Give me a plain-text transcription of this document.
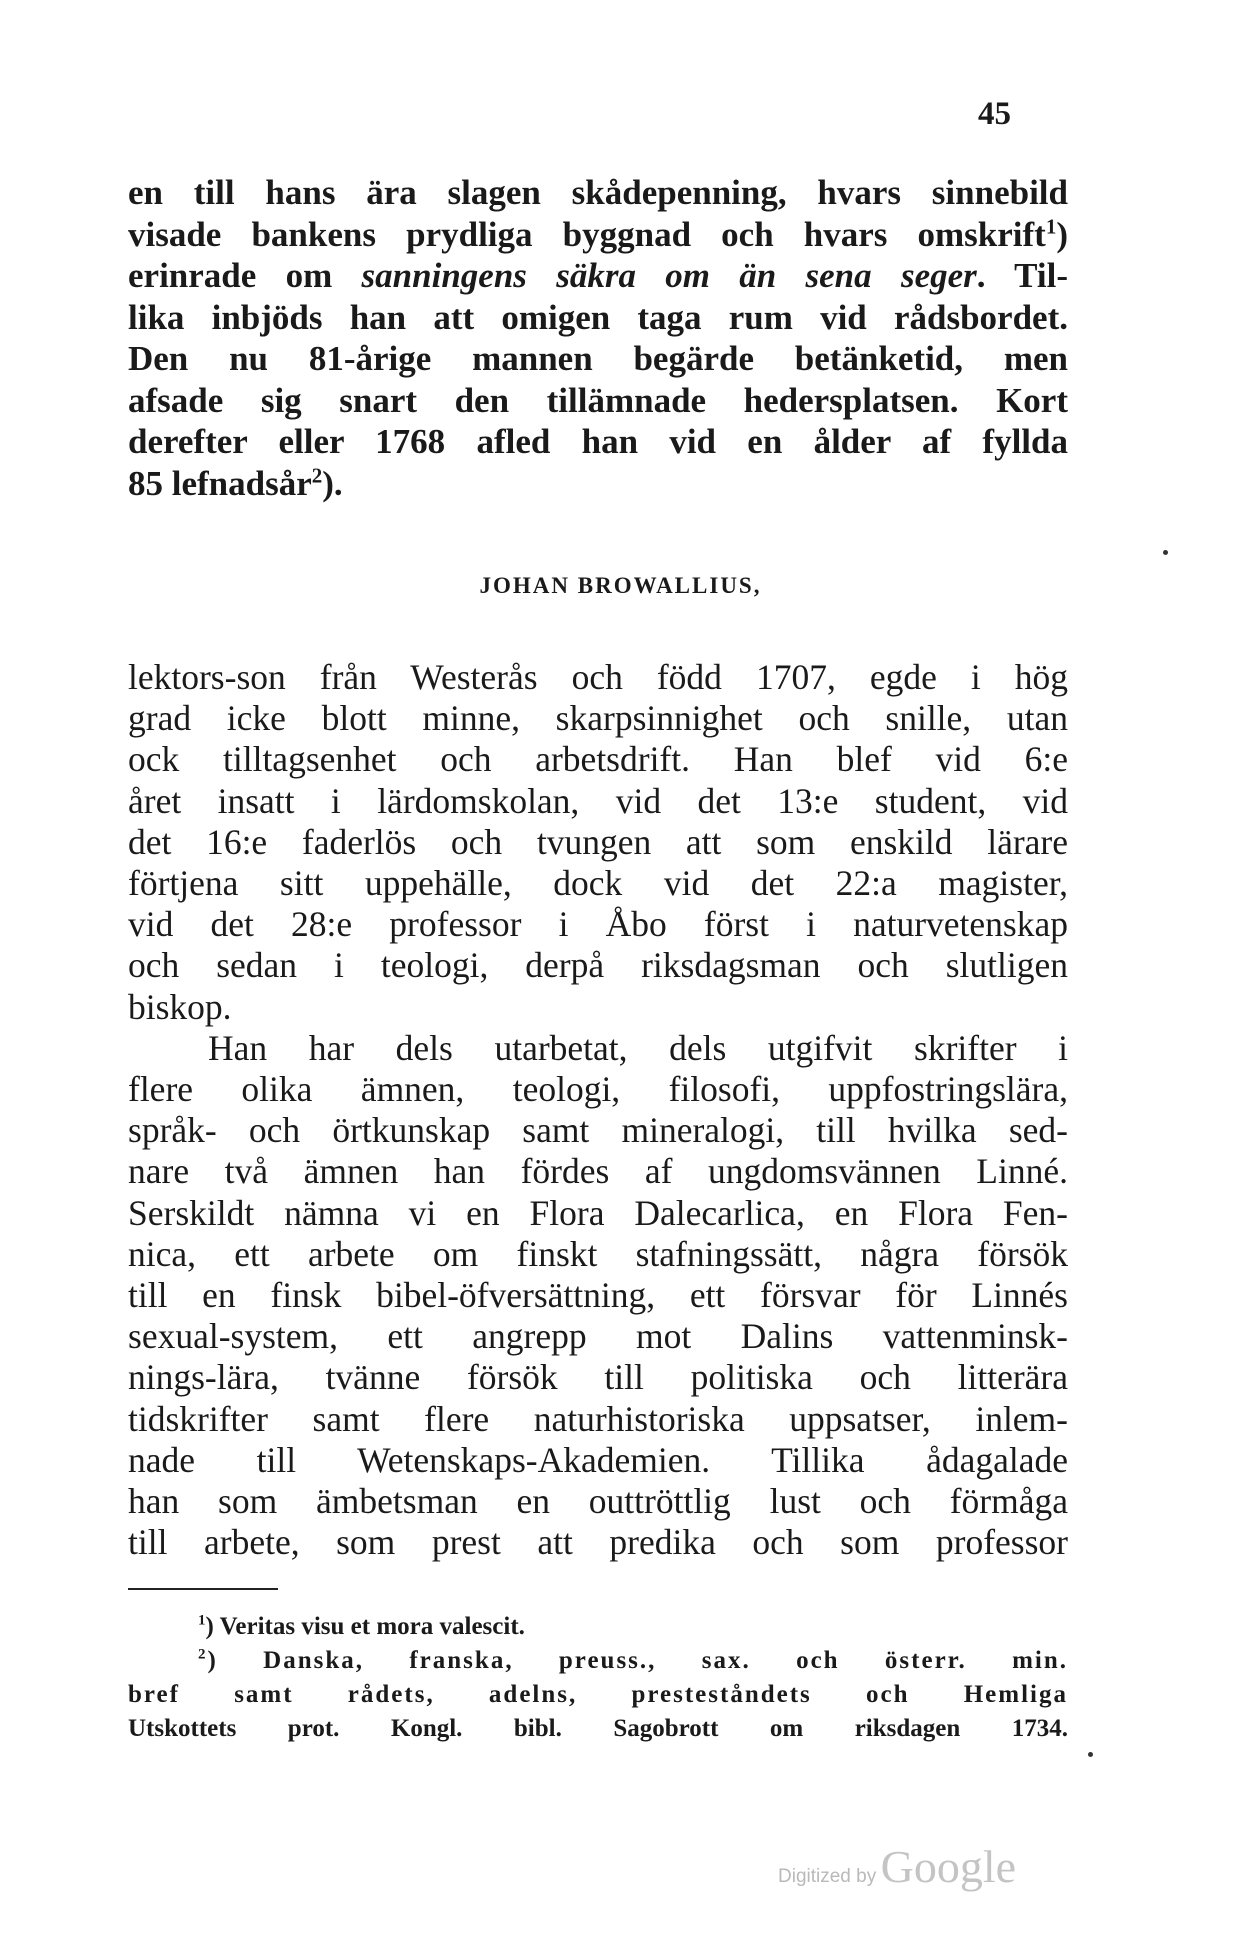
45
en till hans ära slagen skådepenning, hvars sinnebild
visade bankens prydliga byggnad och hvars omskrift$^1$)
erinrade om sanningens säkra om än sena seger. Til-
lika inbjöds han att omigen taga rum vid rådsbordet.
Den nu 81-årige mannen begärde betänketid, men
afsade sig snart den tillämnade hedersplatsen. Kort
derefter eller 1768 afled han vid en ålder af fyllda
85 lefnadsår$^2$).
JOHAN BROWALLIUS,
lektors-son från Westerås och född 1707, egde i hög
grad icke blott minne, skarpsinnighet och snille, utan
ock tilltagsenhet och arbetsdrift. Han blef vid 6:e
året insatt i lärdomskolan, vid det 13:e student, vid
det 16:e faderlös och tvungen att som enskild lärare
förtjena sitt uppehälle, dock vid det 22:a magister,
vid det 28:e professor i Åbo först i naturvetenskap
och sedan i teologi, derpå riksdagsman och slutligen
biskop.
Han har dels utarbetat, dels utgifvit skrifter i
flere olika ämnen, teologi, filosofi, uppfostringslära,
språk- och örtkunskap samt mineralogi, till hvilka sed-
nare två ämnen han fördes af ungdomsvännen Linné.
Serskildt nämna vi en Flora Dalecarlica, en Flora Fen-
nica, ett arbete om finskt stafningssätt, några försök
till en finsk bibel-öfversättning, ett försvar för Linnés
sexual-system, ett angrepp mot Dalins vattenminsk-
nings-lära, tvänne försök till politiska och litterära
tidskrifter samt flere naturhistoriska uppsatser, inlem-
nade till Wetenskaps-Akademien. Tillika ådagalade
han som ämbetsman en outtröttlig lust och förmåga
till arbete, som prest att predika och som professor
$^1$) Veritas visu et mora valescit.
$^2$) Danska, franska, preuss., sax. och österr. min.
bref samt rådets, adelns, presteståndets och Hemliga
Utskottets prot. Kongl. bibl. Sagobrott om riksdagen 1734.
Digitized by Google
